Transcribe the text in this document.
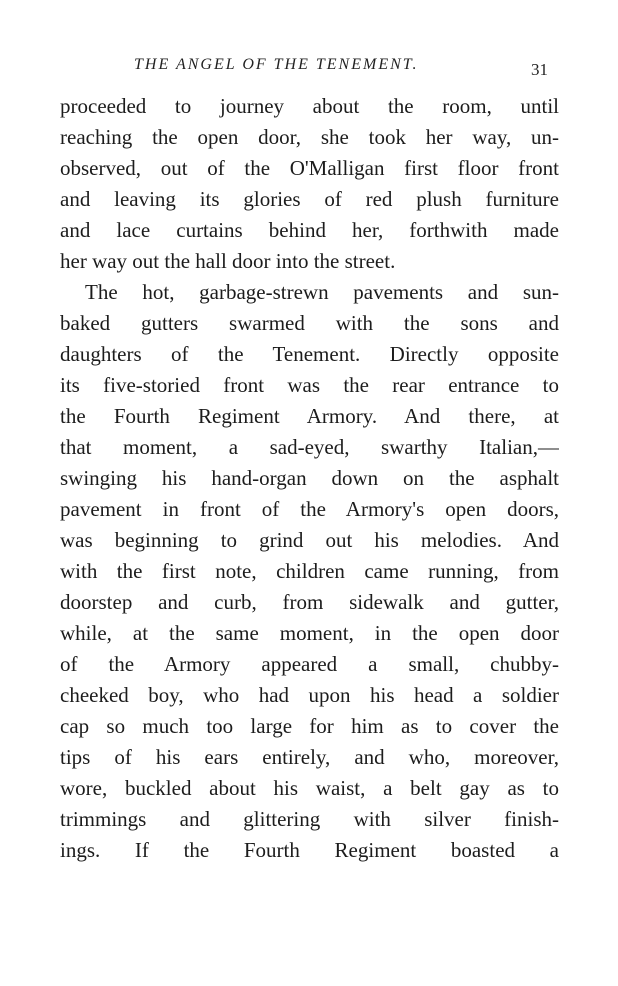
THE ANGEL OF THE TENEMENT.	31
proceeded to journey about the room, until
reaching the open door, she took her way, un-
observed, out of the O'Malligan first floor front
and leaving its glories of red plush furniture
and lace curtains behind her, forthwith made
her way out the hall door into the street.
The hot, garbage-strewn pavements and sun-
baked gutters swarmed with the sons and
daughters of the Tenement. Directly opposite
its five-storied front was the rear entrance to
the Fourth Regiment Armory. And there, at
that moment, a sad-eyed, swarthy Italian,—
swinging his hand-organ down on the asphalt
pavement in front of the Armory's open doors,
was beginning to grind out his melodies. And
with the first note, children came running, from
doorstep and curb, from sidewalk and gutter,
while, at the same moment, in the open door
of the Armory appeared a small, chubby-
cheeked boy, who had upon his head a soldier
cap so much too large for him as to cover the
tips of his ears entirely, and who, moreover,
wore, buckled about his waist, a belt gay as to
trimmings and glittering with silver finish-
ings. If the Fourth Regiment boasted a
